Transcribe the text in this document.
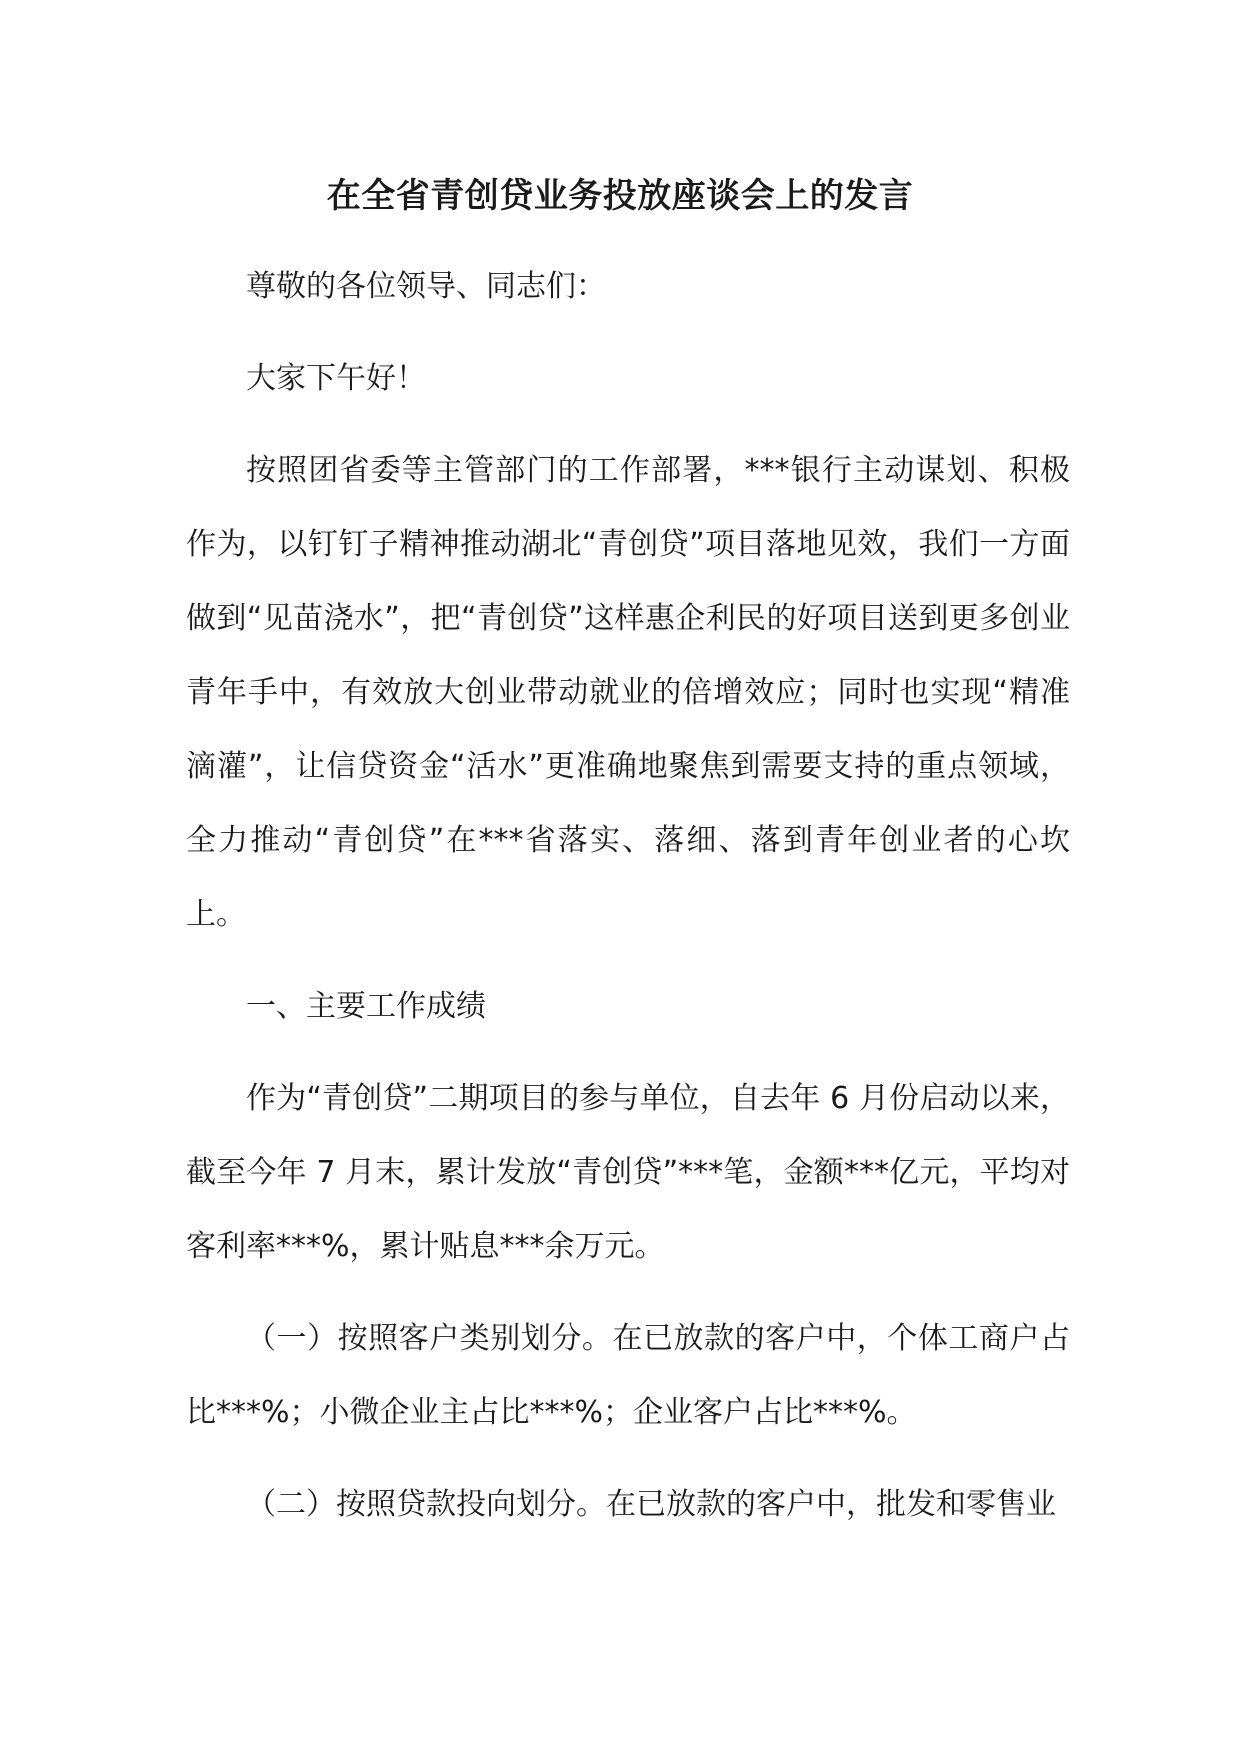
在全省青创贷业务投放座谈会上的发言

尊敬的各位领导、同志们：

大家下午好！

按照团省委等主管部门的工作部署，***银行主动谋划、积极作为，以钉钉子精神推动湖北“青创贷”项目落地见效，我们一方面做到“见苗浇水”，把“青创贷”这样惠企利民的好项目送到更多创业青年手中，有效放大创业带动就业的倍增效应；同时也实现“精准滴灌”，让信贷资金“活水”更准确地聚焦到需要支持的重点领域，全力推动“青创贷”在***省落实、落细、落到青年创业者的心坎上。

一、主要工作成绩

作为“青创贷”二期项目的参与单位，自去年 6 月份启动以来，截至今年 7 月末，累计发放“青创贷”***笔，金额***亿元，平均对客利率***%，累计贴息***余万元。

（一）按照客户类别划分。在已放款的客户中，个体工商户占比***%；小微企业主占比***%；企业客户占比***%。

（二）按照贷款投向划分。在已放款的客户中，批发和零售业
